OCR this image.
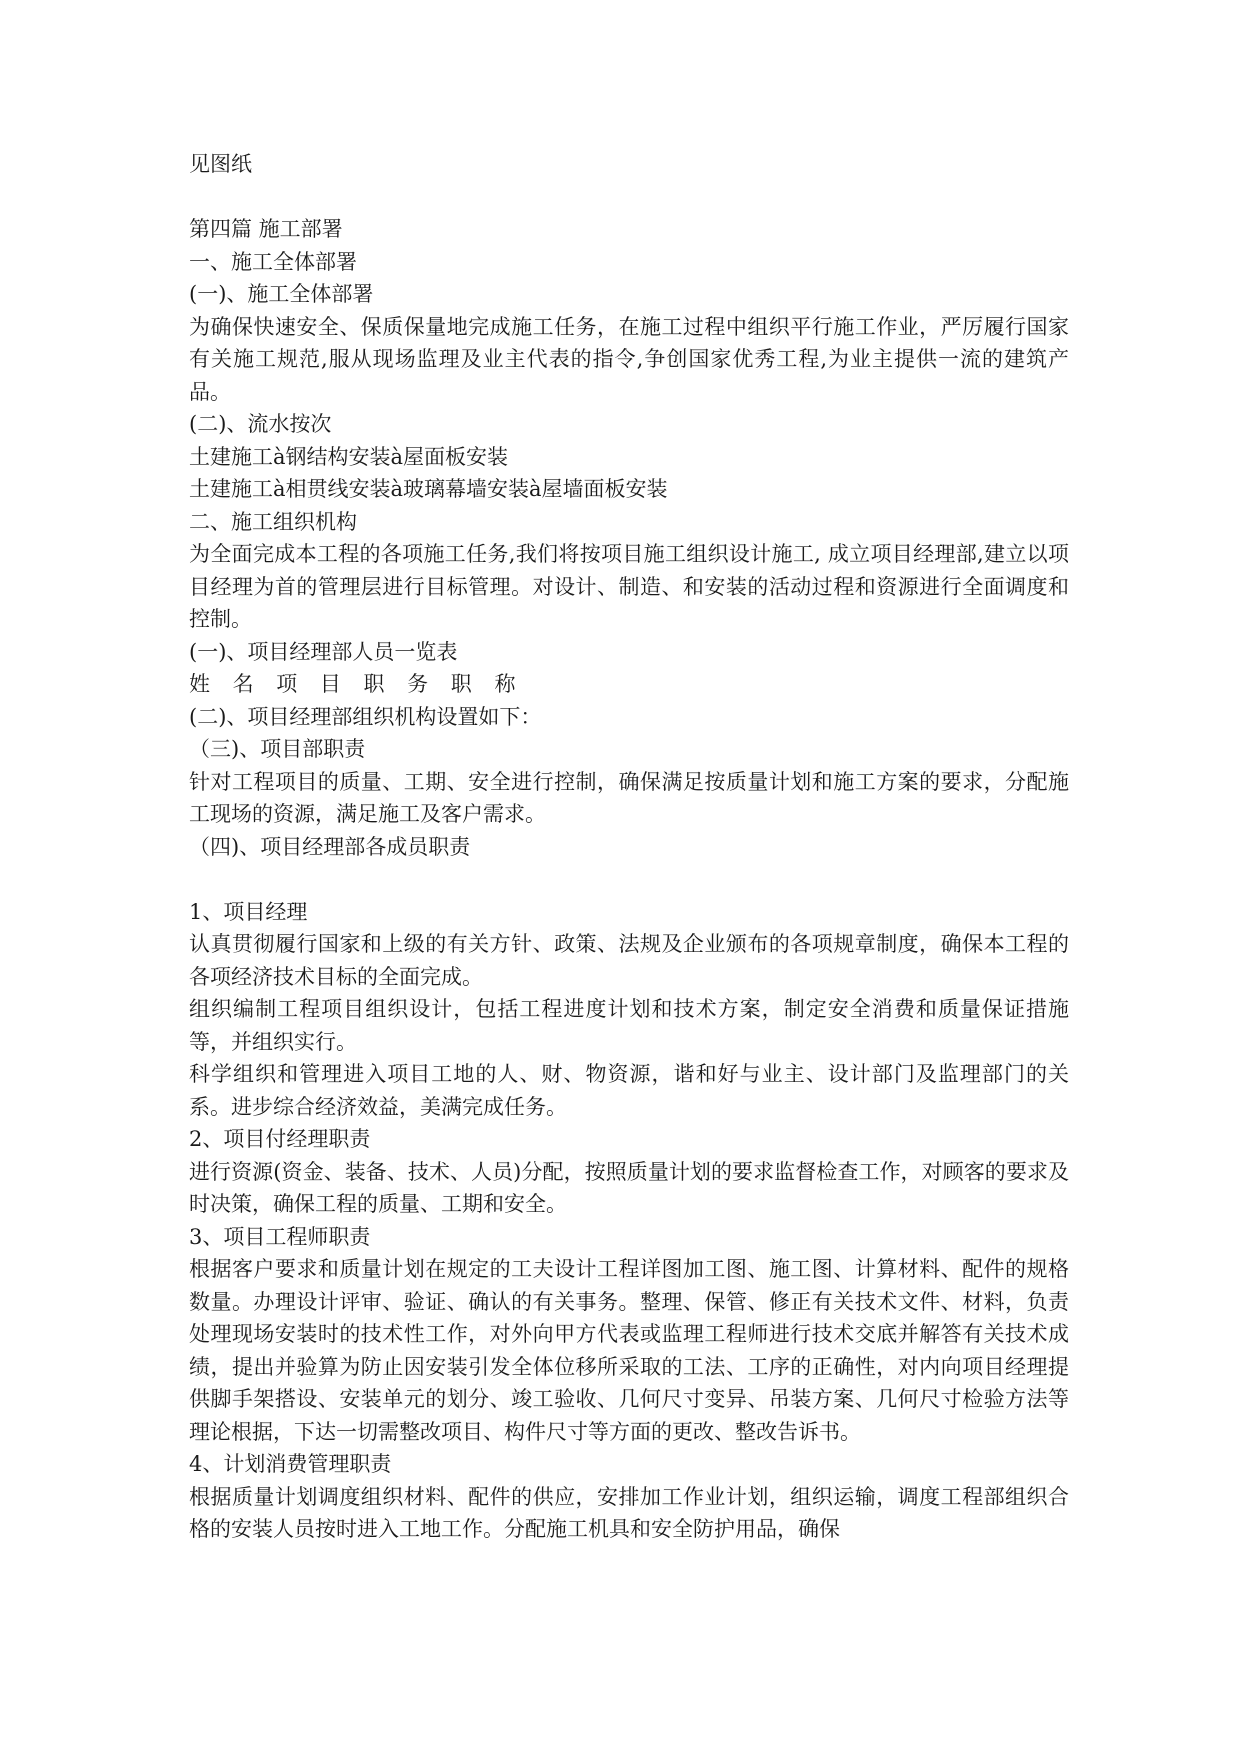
见图纸

第四篇 施工部署

一、施工全体部署

(一)、施工全体部署

为确保快速安全、保质保量地完成施工任务，在施工过程中组织平行施工作业，严厉履行国家有关施工规范,服从现场监理及业主代表的指令,争创国家优秀工程,为业主提供一流的建筑产品。

(二)、流水按次

土建施工à钢结构安装à屋面板安装

土建施工à相贯线安装à玻璃幕墙安装à屋墙面板安装

二、施工组织机构

为全面完成本工程的各项施工任务,我们将按项目施工组织设计施工, 成立项目经理部,建立以项目经理为首的管理层进行目标管理。对设计、制造、和安装的活动过程和资源进行全面调度和控制。

(一)、项目经理部人员一览表

姓 名 项 目 职 务 职 称

(二)、项目经理部组织机构设置如下：

（三)、项目部职责

针对工程项目的质量、工期、安全进行控制，确保满足按质量计划和施工方案的要求，分配施工现场的资源，满足施工及客户需求。

（四)、项目经理部各成员职责

1、项目经理

认真贯彻履行国家和上级的有关方针、政策、法规及企业颁布的各项规章制度，确保本工程的各项经济技术目标的全面完成。

组织编制工程项目组织设计，包括工程进度计划和技术方案，制定安全消费和质量保证措施等，并组织实行。

科学组织和管理进入项目工地的人、财、物资源，谐和好与业主、设计部门及监理部门的关系。进步综合经济效益，美满完成任务。

2、项目付经理职责

进行资源(资金、装备、技术、人员)分配，按照质量计划的要求监督检查工作，对顾客的要求及时决策，确保工程的质量、工期和安全。

3、项目工程师职责

根据客户要求和质量计划在规定的工夫设计工程详图加工图、施工图、计算材料、配件的规格数量。办理设计评审、验证、确认的有关事务。整理、保管、修正有关技术文件、材料，负责处理现场安装时的技术性工作，对外向甲方代表或监理工程师进行技术交底并解答有关技术成绩，提出并验算为防止因安装引发全体位移所采取的工法、工序的正确性，对内向项目经理提供脚手架搭设、安装单元的划分、竣工验收、几何尺寸变异、吊装方案、几何尺寸检验方法等理论根据，下达一切需整改项目、构件尺寸等方面的更改、整改告诉书。

4、计划消费管理职责

根据质量计划调度组织材料、配件的供应，安排加工作业计划，组织运输，调度工程部组织合格的安装人员按时进入工地工作。分配施工机具和安全防护用品，确保
